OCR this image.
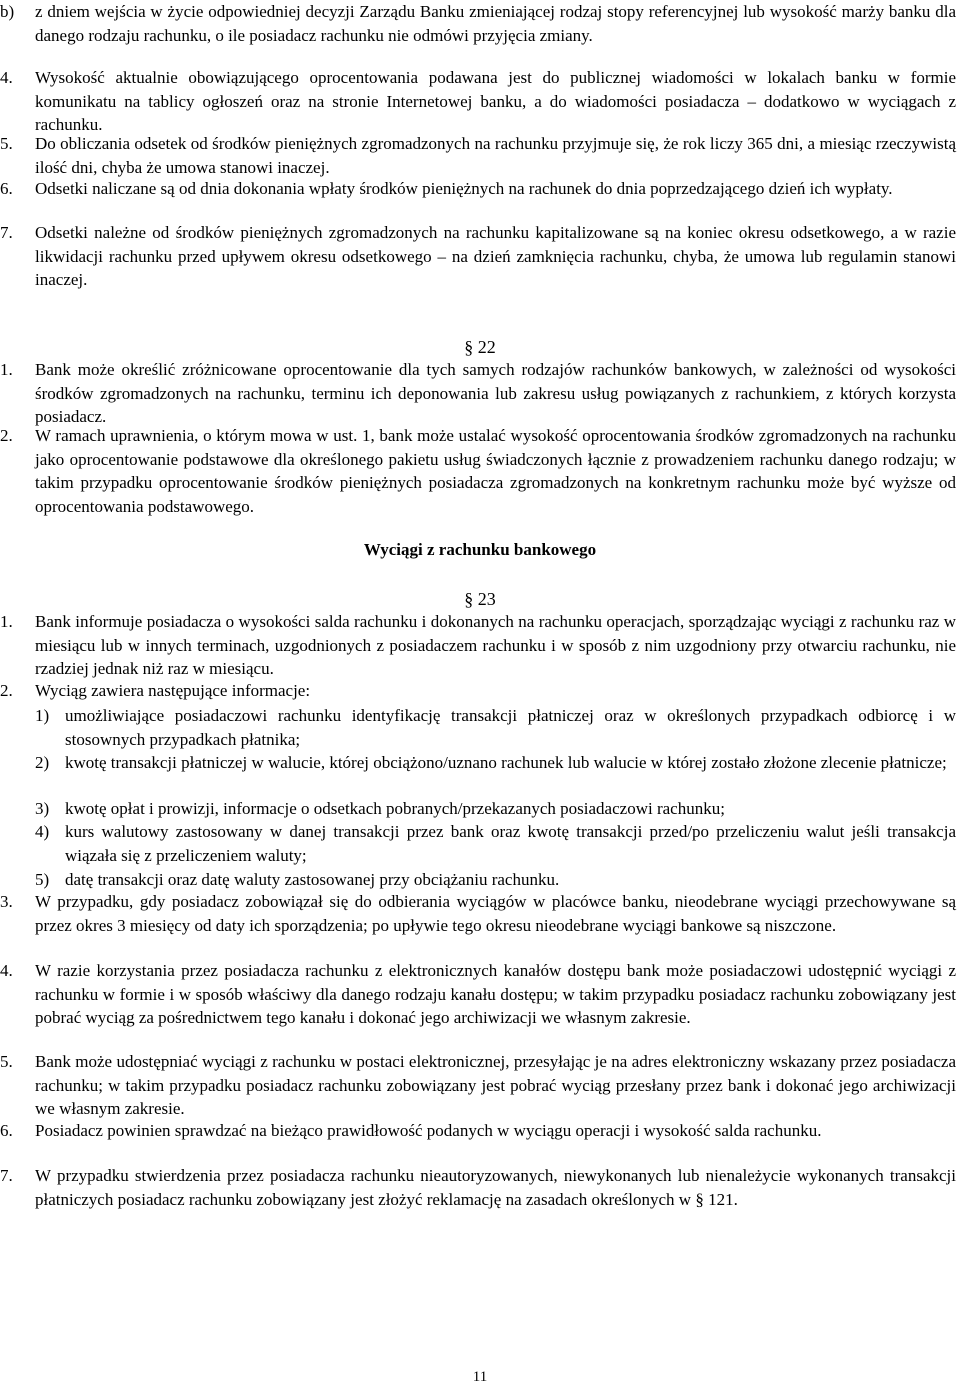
b) z dniem wejścia w życie odpowiedniej decyzji Zarządu Banku zmieniającej rodzaj stopy referencyjnej lub wysokość marży banku dla danego rodzaju rachunku, o ile posiadacz rachunku nie odmówi przyjęcia zmiany.
4. Wysokość aktualnie obowiązującego oprocentowania podawana jest do publicznej wiadomości w lokalach banku w formie komunikatu na tablicy ogłoszeń oraz na stronie Internetowej banku, a do wiadomości posiadacza – dodatkowo w wyciągach z rachunku.
5. Do obliczania odsetek od środków pieniężnych zgromadzonych na rachunku przyjmuje się, że rok liczy 365 dni, a miesiąc rzeczywistą ilość dni, chyba że umowa stanowi inaczej.
6. Odsetki naliczane są od dnia dokonania wpłaty środków pieniężnych na rachunek do dnia poprzedzającego dzień ich wypłaty.
7. Odsetki należne od środków pieniężnych zgromadzonych na rachunku kapitalizowane są na koniec okresu odsetkowego, a w razie likwidacji rachunku przed upływem okresu odsetkowego – na dzień zamknięcia rachunku, chyba, że umowa lub regulamin stanowi inaczej.
§ 22
1. Bank może określić zróżnicowane oprocentowanie dla tych samych rodzajów rachunków bankowych, w zależności od wysokości środków zgromadzonych na rachunku, terminu ich deponowania lub zakresu usług powiązanych z rachunkiem, z których korzysta posiadacz.
2. W ramach uprawnienia, o którym mowa w ust. 1, bank może ustalać wysokość oprocentowania środków zgromadzonych na rachunku jako oprocentowanie podstawowe dla określonego pakietu usług świadczonych łącznie z prowadzeniem rachunku danego rodzaju; w takim przypadku oprocentowanie środków pieniężnych posiadacza zgromadzonych na konkretnym rachunku może być wyższe od oprocentowania podstawowego.
Wyciągi z rachunku bankowego
§ 23
1. Bank informuje posiadacza o wysokości salda rachunku i dokonanych na rachunku operacjach, sporządzając wyciągi z rachunku raz w miesiącu lub w innych terminach, uzgodnionych z posiadaczem rachunku i w sposób z nim uzgodniony przy otwarciu rachunku, nie rzadziej jednak niż raz w miesiącu.
2. Wyciąg zawiera następujące informacje:
1) umożliwiające posiadaczowi rachunku identyfikację transakcji płatniczej oraz w określonych przypadkach odbiorcę i w stosownych przypadkach płatnika;
2) kwotę transakcji płatniczej w walucie, której obciążono/uznano rachunek lub walucie w której zostało złożone zlecenie płatnicze;
3) kwotę opłat i prowizji, informacje o odsetkach pobranych/przekazanych posiadaczowi rachunku;
4) kurs walutowy zastosowany w danej transakcji przez bank oraz kwotę transakcji przed/po przeliczeniu walut jeśli transakcja wiązała się z przeliczeniem waluty;
5) datę transakcji oraz datę waluty zastosowanej przy obciążaniu rachunku.
3. W przypadku, gdy posiadacz zobowiązał się do odbierania wyciągów w placówce banku, nieodebrane wyciągi przechowywane są przez okres 3 miesięcy od daty ich sporządzenia; po upływie tego okresu nieodebrane wyciągi bankowe są niszczone.
4. W razie korzystania przez posiadacza rachunku z elektronicznych kanałów dostępu bank może posiadaczowi udostępnić wyciągi z rachunku w formie i w sposób właściwy dla danego rodzaju kanału dostępu; w takim przypadku posiadacz rachunku zobowiązany jest pobrać wyciąg za pośrednictwem tego kanału i dokonać jego archiwizacji we własnym zakresie.
5. Bank może udostępniać wyciągi z rachunku w postaci elektronicznej, przesyłając je na adres elektroniczny wskazany przez posiadacza rachunku; w takim przypadku posiadacz rachunku zobowiązany jest pobrać wyciąg przesłany przez bank i dokonać jego archiwizacji we własnym zakresie.
6. Posiadacz powinien sprawdzać na bieżąco prawidłowość podanych w wyciągu operacji i wysokość salda rachunku.
7. W przypadku stwierdzenia przez posiadacza rachunku nieautoryzowanych, niewykonanych lub nienależycie wykonanych transakcji płatniczych posiadacz rachunku zobowiązany jest złożyć reklamację na zasadach określonych w § 121.
11
